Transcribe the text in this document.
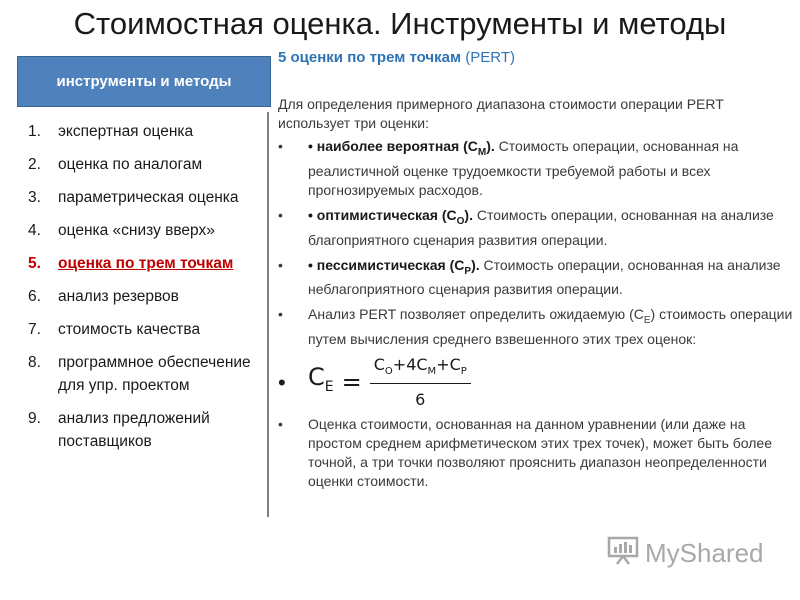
Стоимостная оценка. Инструменты и методы
инструменты и методы
1.	экспертная оценка
2.	оценка по аналогам
3.	параметрическая оценка
4.	оценка «снизу вверх»
5.	оценка по трем точкам
6.	анализ резервов
7.	стоимость качества
8.	программное обеспечение для упр. проектом
9.	анализ предложений поставщиков
5 оценки по трем точкам (PERT)
Для определения примерного диапазона стоимости операции PERT использует три оценки:
•	• наиболее вероятная $(C_M)$. Стоимость операции, основанная на реалистичной оценке трудоемкости требуемой работы и всех прогнозируемых расходов.
•	• оптимистическая $(C_O)$. Стоимость операции, основанная на анализе благоприятного сценария развития операции.
•	• пессимистическая $(C_P)$. Стоимость операции, основанная на анализе неблагоприятного сценария развития операции.
•	Анализ PERT позволяет определить ожидаемую $(C_E)$ стоимость операции путем вычисления среднего взвешенного этих трех оценок:
• $C_E = \frac{C_O+4C_M+C_P}{6}$
•	Оценка стоимости, основанная на данном уравнении (или даже на простом среднем арифметическом этих трех точек), может быть более точной, а три точки позволяют прояснить диапазон неопределенности оценки стоимости.
MyShared
